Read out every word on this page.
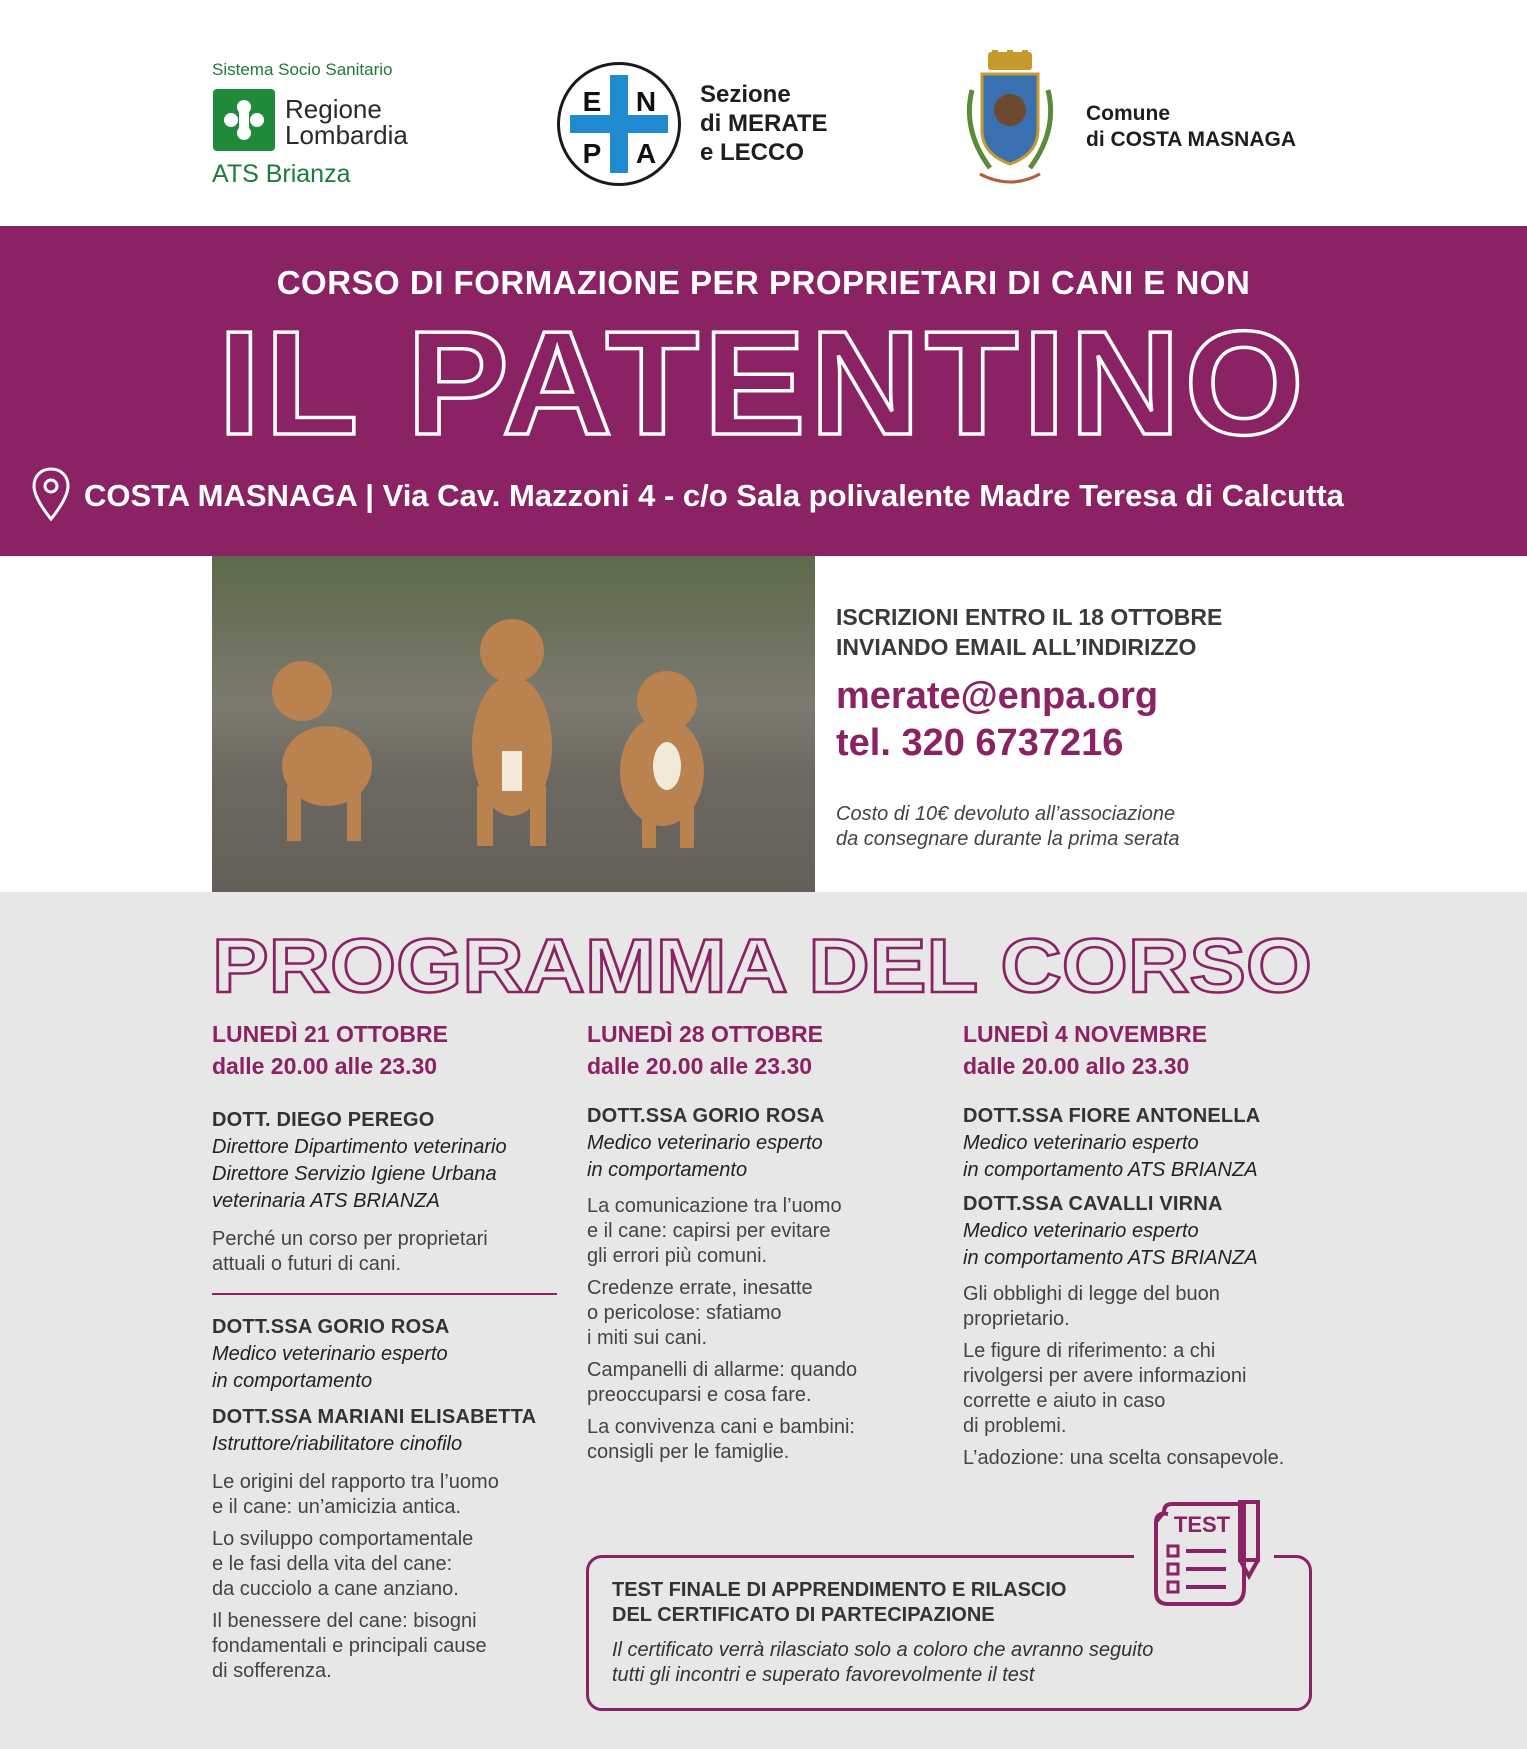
Sistema Socio Sanitario
Regione
Lombardia
ATS Brianza
E N
P A
Sezione
di MERATE
e LECCO
Comune
di COSTA MASNAGA
CORSO DI FORMAZIONE PER PROPRIETARI DI CANI E NON
IL PATENTINO
COSTA MASNAGA | Via Cav. Mazzoni 4 - c/o Sala polivalente Madre Teresa di Calcutta
ISCRIZIONI ENTRO IL 18 OTTOBRE
INVIANDO EMAIL ALL’INDIRIZZO
merate@enpa.org
tel. 320 6737216
Costo di 10€ devoluto all’associazione
da consegnare durante la prima serata
PROGRAMMA DEL CORSO

LUNEDÌ 21 OTTOBRE

dalle 20.00 alle 23.30

DOTT. DIEGO PEREGO

Direttore Dipartimento veterinario

Direttore Servizio Igiene Urbana

veterinaria ATS BRIANZA

Perché un corso per proprietari

attuali o futuri di cani.

DOTT.SSA GORIO ROSA

Medico veterinario esperto

in comportamento

DOTT.SSA MARIANI ELISABETTA

Istruttore/riabilitatore cinofilo

Le origini del rapporto tra l’uomo

e il cane: un’amicizia antica.

Lo sviluppo comportamentale

e le fasi della vita del cane:

da cucciolo a cane anziano.

Il benessere del cane: bisogni

fondamentali e principali cause

di sofferenza.

LUNEDÌ 28 OTTOBRE

dalle 20.00 alle 23.30

DOTT.SSA GORIO ROSA

Medico veterinario esperto

in comportamento

La comunicazione tra l’uomo

e il cane: capirsi per evitare

gli errori più comuni.

Credenze errate, inesatte

o pericolose: sfatiamo

i miti sui cani.

Campanelli di allarme: quando

preoccuparsi e cosa fare.

La convivenza cani e bambini:

consigli per le famiglie.

LUNEDÌ 4 NOVEMBRE

dalle 20.00 allo 23.30

DOTT.SSA FIORE ANTONELLA

Medico veterinario esperto

in comportamento ATS BRIANZA

DOTT.SSA CAVALLI VIRNA

Medico veterinario esperto

in comportamento ATS BRIANZA

Gli obblighi di legge del buon

proprietario.

Le figure di riferimento: a chi

rivolgersi per avere informazioni

corrette e aiuto in caso

di problemi.

L’adozione: una scelta consapevole.

TEST
TEST FINALE DI APPRENDIMENTO E RILASCIO
DEL CERTIFICATO DI PARTECIPAZIONE
Il certificato verrà rilasciato solo a coloro che avranno seguito
tutti gli incontri e superato favorevolmente il test
